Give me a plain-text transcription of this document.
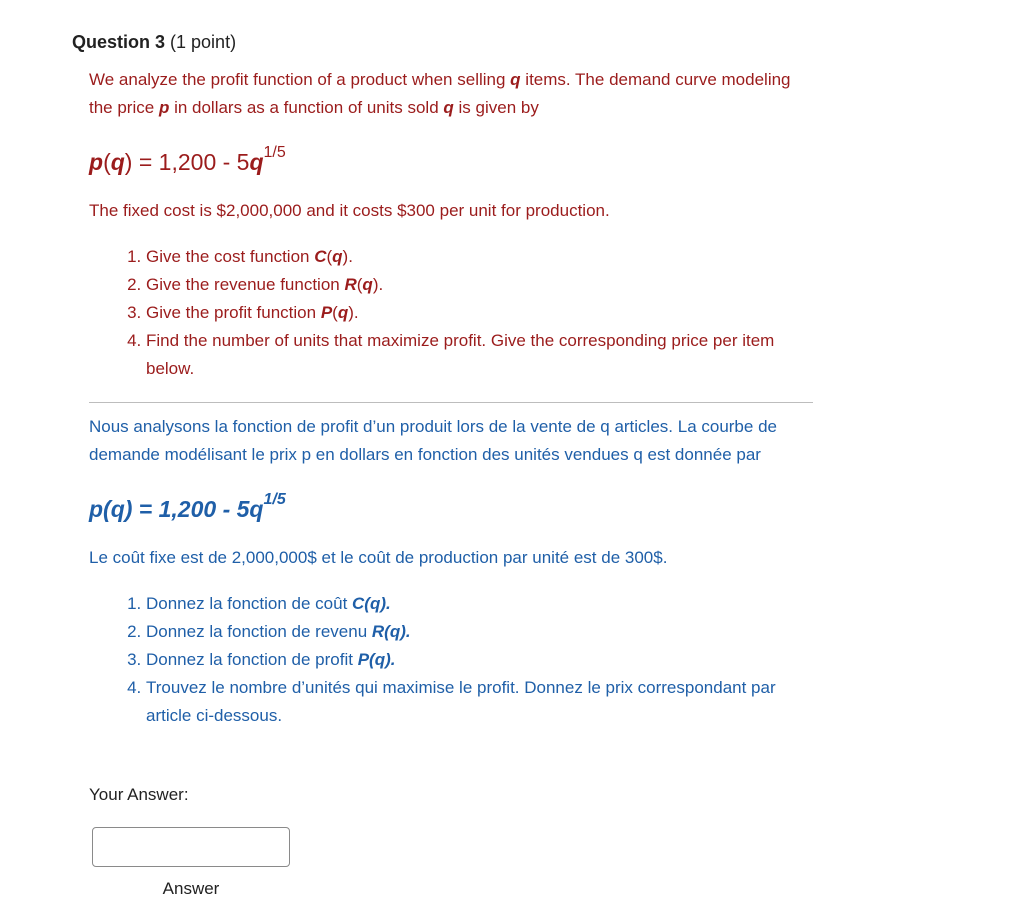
Question 3 (1 point)

We analyze the profit function of a product when selling q items. The demand curve modeling the price p in dollars as a function of units sold q is given by

$p(q) = 1,200 - 5q^{1/5}$

The fixed cost is $2,000,000 and it costs $300 per unit for production.

1. Give the cost function C(q).
2. Give the revenue function R(q).
3. Give the profit function P(q).
4. Find the number of units that maximize profit. Give the corresponding price per item below.

Nous analysons la fonction de profit d’un produit lors de la vente de q articles. La courbe de demande modélisant le prix p en dollars en fonction des unités vendues q est donnée par

$p(q) = 1,200 - 5q^{1/5}$

Le coût fixe est de 2,000,000$ et le coût de production par unité est de 300$.

1. Donnez la fonction de coût C(q).
2. Donnez la fonction de revenu R(q).
3. Donnez la fonction de profit P(q).
4. Trouvez le nombre d’unités qui maximise le profit. Donnez le prix correspondant par article ci-dessous.
Your Answer:
Answer
